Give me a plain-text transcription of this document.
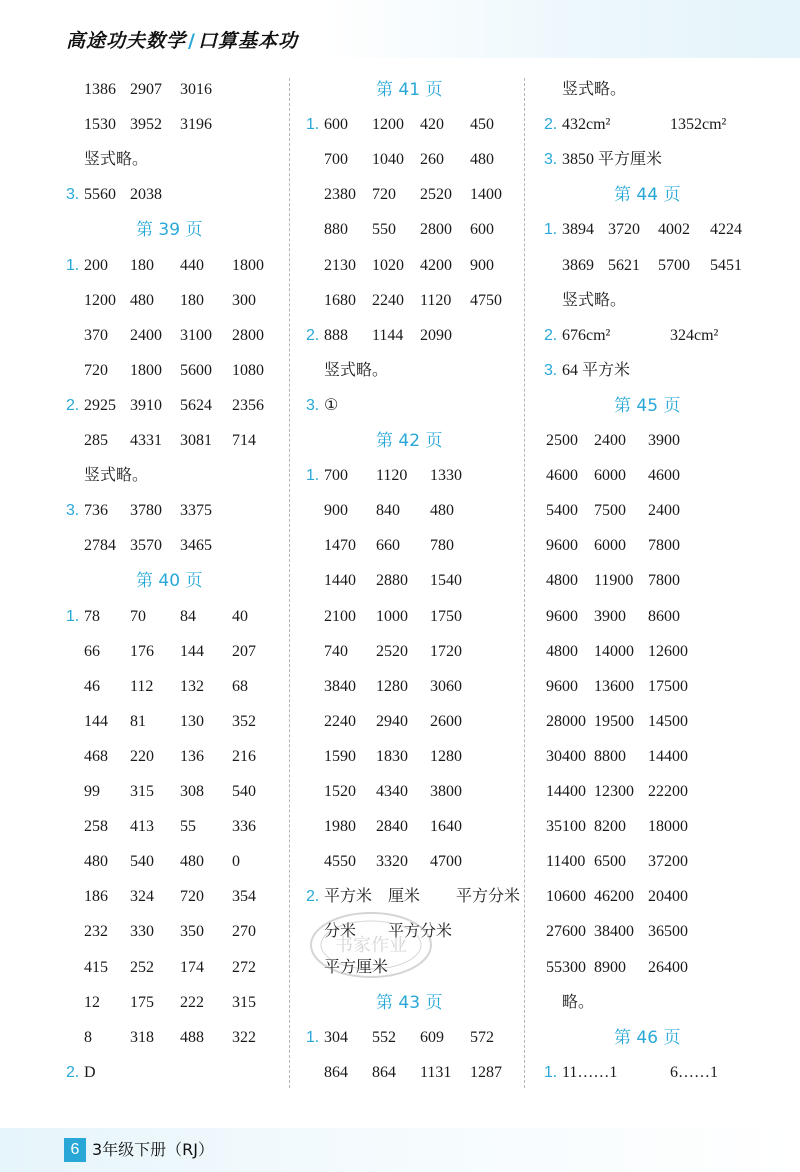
高途功夫数学 / 口算基本功
1386 2907 3016
1530 3952 3196
竖式略。
3. 5560 2038
第 39 页
1. 200 180 440 1800
1200 480 180 300
370 2400 3100 2800
720 1800 5600 1080
2. 2925 3910 5624 2356
285 4331 3081 714
竖式略。
3. 736 3780 3375
2784 3570 3465
第 40 页
1. 78 70 84 40
66 176 144 207
46 112 132 68
144 81 130 352
468 220 136 216
99 315 308 540
258 413 55 336
480 540 480 0
186 324 720 354
232 330 350 270
415 252 174 272
12 175 222 315
8 318 488 322
2. D
第 41 页
1. 600 1200 420 450
700 1040 260 480
2380 720 2520 1400
880 550 2800 600
2130 1020 4200 900
1680 2240 1120 4750
2. 888 1144 2090
竖式略。
3. ①
第 42 页
1. 700 1120 1330
900 840 480
1470 660 780
1440 2880 1540
2100 1000 1750
740 2520 1720
3840 1280 3060
2240 2940 2600
1590 1830 1280
1520 4340 3800
1980 2840 1640
4550 3320 4700
2. 平方米 厘米 平方分米
分米 平方分米
平方厘米
第 43 页
1. 304 552 609 572
864 864 1131 1287
竖式略。
2. 432cm²	1352cm²
3. 3850 平方厘米
第 44 页
1. 3894 3720 4002 4224
3869 5621 5700 5451
竖式略。
2. 676cm²	324cm²
3. 64 平方米
第 45 页
2500 2400 3900
4600 6000 4600
5400 7500 2400
9600 6000 7800
4800 11900 7800
9600 3900 8600
4800 14000 12600
9600 13600 17500
28000 19500 14500
30400 8800 14400
14400 12300 22200
35100 8200 18000
11400 6500 37200
10600 46200 20400
27600 38400 36500
55300 8900 26400
略。
第 46 页
1. 11……1	6……1
书家作业
6 3年级下册（RJ）
